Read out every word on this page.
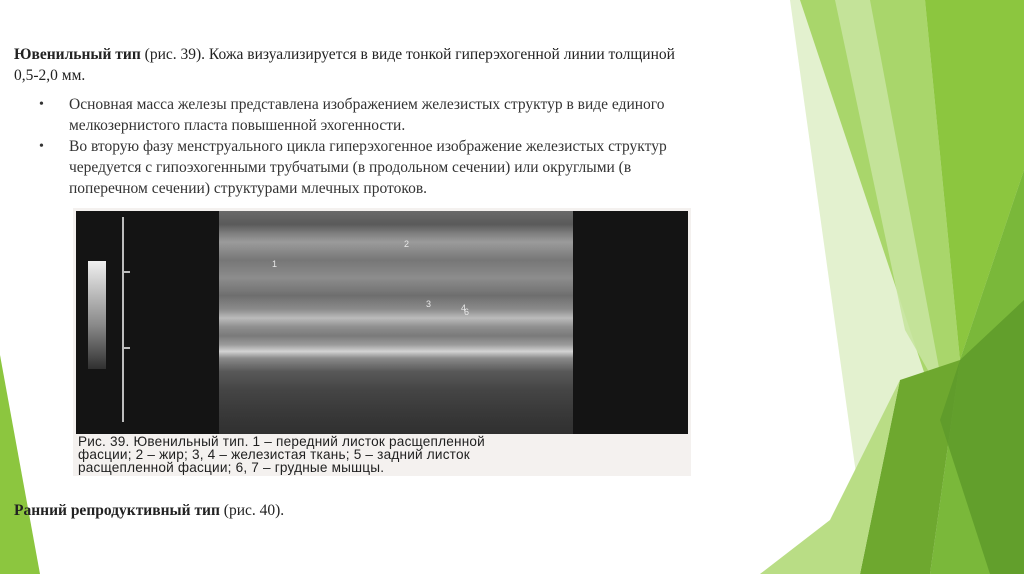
Ювенильный тип (рис. 39). Кожа визуализируется в виде тонкой гиперэхогенной линии толщиной
0,5-2,0 мм.

• Основная масса железы представлена изображением железистых структур в виде единого
мелкозернистого пласта повышенной эхогенности.
• Во вторую фазу менструального цикла гиперэхогенное изображение железистых структур
чередуется с гипоэхогенными трубчатыми (в продольном сечении) или округлыми (в
поперечном сечении) структурами млечных протоков.
2
1
3	4
6
Рис. 39. Ювенильный тип. 1 – передний листок расщепленной
фасции; 2 – жир; 3, 4 – железистая ткань; 5 – задний листок
расщепленной фасции; 6, 7 – грудные мышцы.

Ранний репродуктивный тип (рис. 40).
